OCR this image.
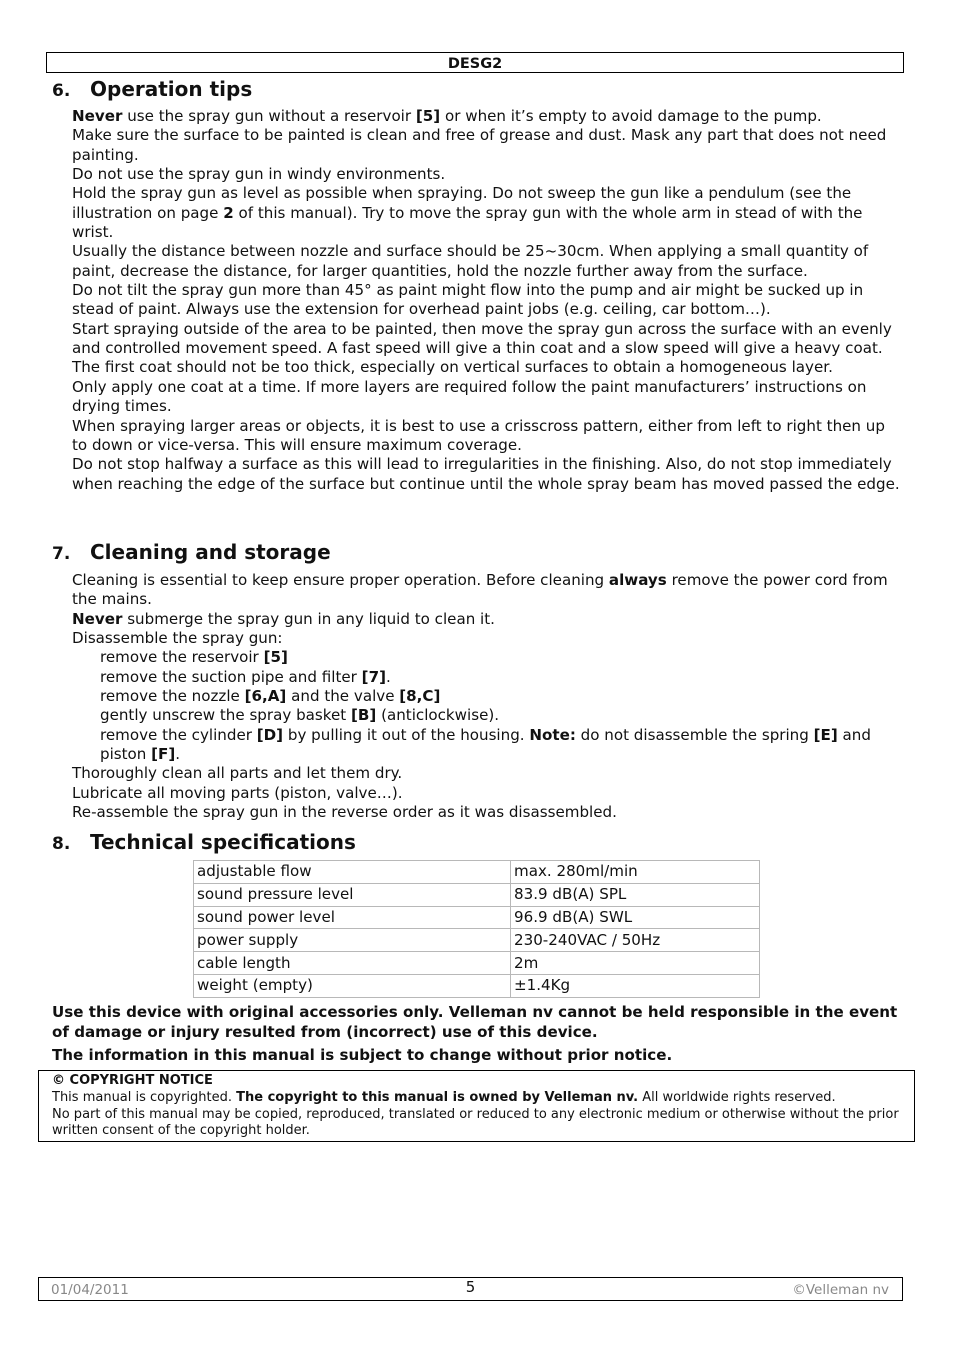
DESG2
6. Operation tips

Never use the spray gun without a reservoir [5] or when it’s empty to avoid damage to the pump.

Make sure the surface to be painted is clean and free of grease and dust. Mask any part that does not need painting.

Do not use the spray gun in windy environments.

Hold the spray gun as level as possible when spraying. Do not sweep the gun like a pendulum (see the illustration on page 2 of this manual). Try to move the spray gun with the whole arm in stead of with the wrist.

Usually the distance between nozzle and surface should be 25~30cm. When applying a small quantity of paint, decrease the distance, for larger quantities, hold the nozzle further away from the surface.

Do not tilt the spray gun more than 45° as paint might flow into the pump and air might be sucked up in stead of paint. Always use the extension for overhead paint jobs (e.g. ceiling, car bottom…).

Start spraying outside of the area to be painted, then move the spray gun across the surface with an evenly and controlled movement speed. A fast speed will give a thin coat and a slow speed will give a heavy coat.

The first coat should not be too thick, especially on vertical surfaces to obtain a homogeneous layer.

Only apply one coat at a time. If more layers are required follow the paint manufacturers’ instructions on drying times.

When spraying larger areas or objects, it is best to use a crisscross pattern, either from left to right then up to down or vice-versa. This will ensure maximum coverage.

Do not stop halfway a surface as this will lead to irregularities in the finishing. Also, do not stop immediately when reaching the edge of the surface but continue until the whole spray beam has moved passed the edge.

7. Cleaning and storage

Cleaning is essential to keep ensure proper operation. Before cleaning always remove the power cord from the mains.

Never submerge the spray gun in any liquid to clean it.

Disassemble the spray gun:

remove the reservoir [5]

remove the suction pipe and filter [7].

remove the nozzle [6,A] and the valve [8,C]

gently unscrew the spray basket [B] (anticlockwise).

remove the cylinder [D] by pulling it out of the housing. Note: do not disassemble the spring [E] and piston [F].

Thoroughly clean all parts and let them dry.

Lubricate all moving parts (piston, valve…).

Re-assemble the spray gun in the reverse order as it was disassembled.

8. Technical specifications
adjustable flow	max. 280ml/min
sound pressure level	83.9 dB(A) SPL
sound power level	96.9 dB(A) SWL
power supply	230-240VAC / 50Hz
cable length	2m
weight (empty)	±1.4Kg

Use this device with original accessories only. Velleman nv cannot be held responsible in the event of damage or injury resulted from (incorrect) use of this device.

The information in this manual is subject to change without prior notice.

© COPYRIGHT NOTICE

This manual is copyrighted. The copyright to this manual is owned by Velleman nv. All worldwide rights reserved.

No part of this manual may be copied, reproduced, translated or reduced to any electronic medium or otherwise without the prior written consent of the copyright holder.

01/04/2011	5	©Velleman nv
